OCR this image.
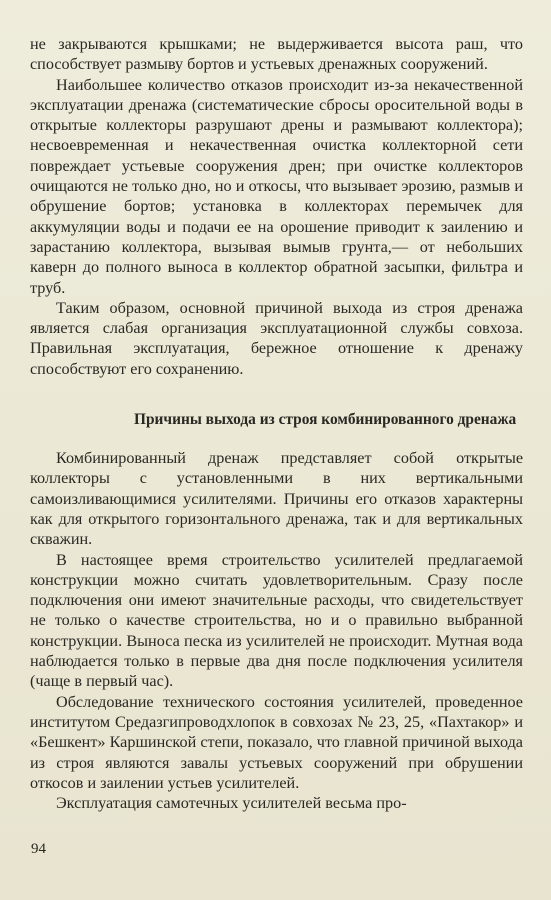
не закрываются крышками; не выдерживается высота раш, что способствует размыву бортов и устьевых дренажных сооружений.

Наибольшее количество отказов происходит из-за некачественной эксплуатации дренажа (систематические сбросы оросительной воды в открытые коллекторы разрушают дрены и размывают коллектора); несвоевременная и некачественная очистка коллекторной сети повреждает устьевые сооружения дрен; при очистке коллекторов очищаются не только дно, но и откосы, что вызывает эрозию, размыв и обрушение бортов; установка в коллекторах перемычек для аккумуляции воды и подачи ее на орошение приводит к заилению и зарастанию коллектора, вызывая вымыв грунта,— от небольших каверн до полного выноса в коллектор обратной засыпки, фильтра и труб.

Таким образом, основной причиной выхода из строя дренажа является слабая организация эксплуатационной службы совхоза. Правильная эксплуатация, бережное отношение к дренажу способствуют его сохранению.

Причины выхода из строя комбинированного дренажа

Комбинированный дренаж представляет собой открытые коллекторы с установленными в них вертикальными самоизливающимися усилителями. Причины его отказов характерны как для открытого горизонтального дренажа, так и для вертикальных скважин.

В настоящее время строительство усилителей предлагаемой конструкции можно считать удовлетворительным. Сразу после подключения они имеют значительные расходы, что свидетельствует не только о качестве строительства, но и о правильно выбранной конструкции. Выноса песка из усилителей не происходит. Мутная вода наблюдается только в первые два дня после подключения усилителя (чаще в первый час).

Обследование технического состояния усилителей, проведенное институтом Средазгипроводхлопок в совхозах № 23, 25, «Пахтакор» и «Бешкент» Каршинской степи, показало, что главной причиной выхода из строя являются завалы устьевых сооружений при обрушении откосов и заилении устьев усилителей.

Эксплуатация самотечных усилителей весьма про-

94
